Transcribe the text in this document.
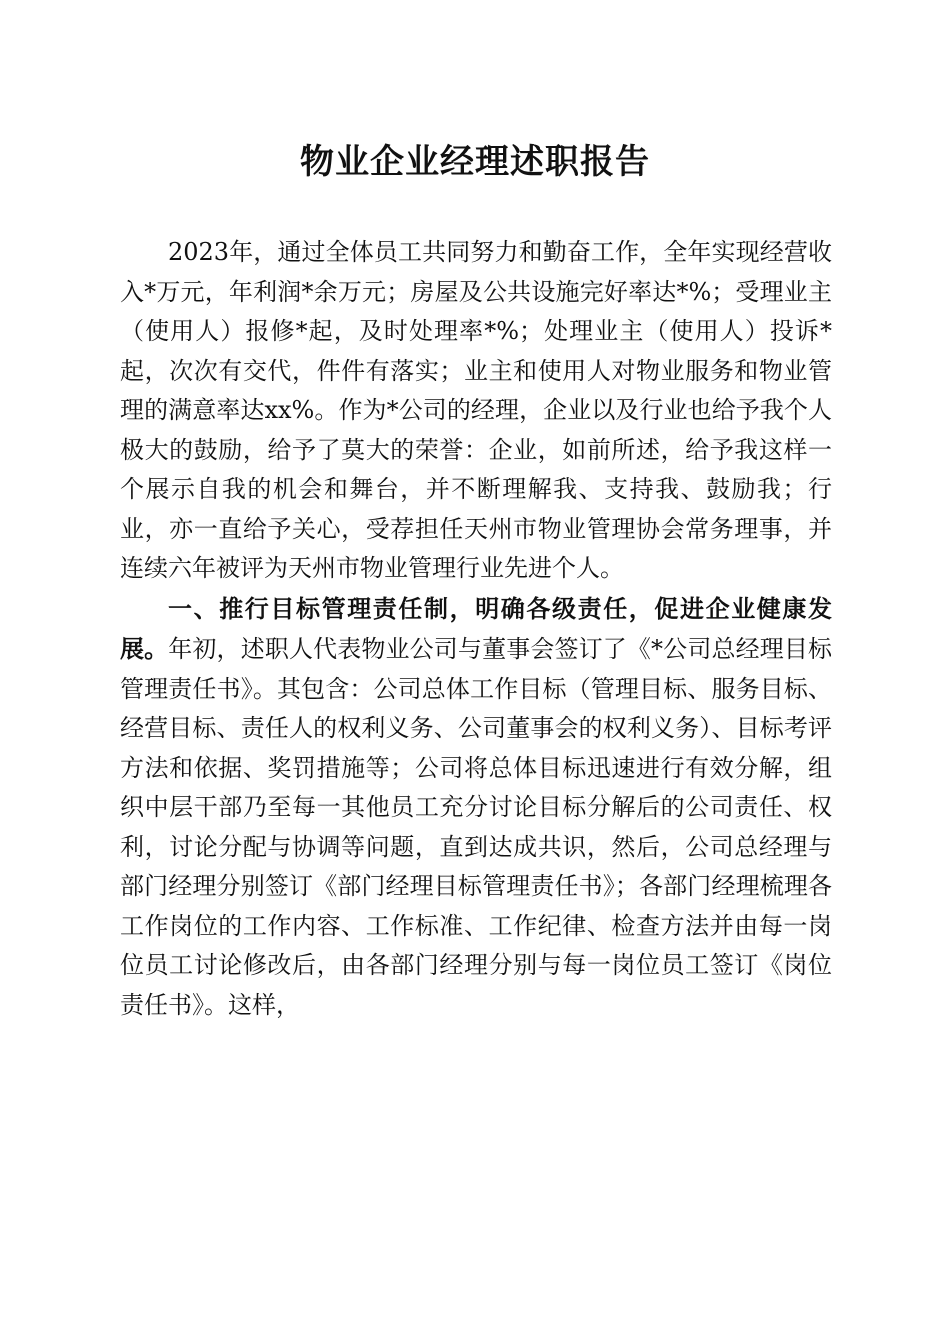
物业企业经理述职报告

2023年，通过全体员工共同努力和勤奋工作，全年实现经营收入*万元，年利润*余万元；房屋及公共设施完好率达*%；受理业主（使用人）报修*起，及时处理率*%；处理业主（使用人）投诉*起，次次有交代，件件有落实；业主和使用人对物业服务和物业管理的满意率达xx%。作为*公司的经理，企业以及行业也给予我个人极大的鼓励，给予了莫大的荣誉：企业，如前所述，给予我这样一个展示自我的机会和舞台，并不断理解我、支持我、鼓励我；行业，亦一直给予关心，受荐担任天州市物业管理协会常务理事，并连续六年被评为天州市物业管理行业先进个人。

一、推行目标管理责任制，明确各级责任，促进企业健康发展。年初，述职人代表物业公司与董事会签订了《*公司总经理目标管理责任书》。其包含：公司总体工作目标（管理目标、服务目标、经营目标、责任人的权利义务、公司董事会的权利义务）、目标考评方法和依据、奖罚措施等；公司将总体目标迅速进行有效分解，组织中层干部乃至每一其他员工充分讨论目标分解后的公司责任、权利，讨论分配与协调等问题，直到达成共识，然后，公司总经理与部门经理分别签订《部门经理目标管理责任书》；各部门经理梳理各工作岗位的工作内容、工作标准、工作纪律、检查方法并由每一岗位员工讨论修改后，由各部门经理分别与每一岗位员工签订《岗位责任书》。这样，
